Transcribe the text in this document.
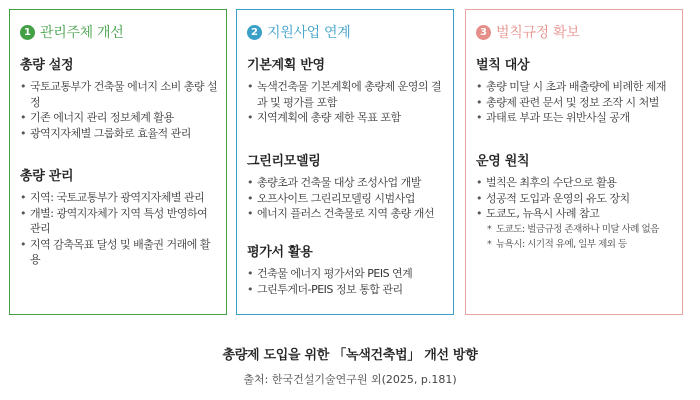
1 관리주체 개선
총량 설정
• 국토교통부가 건축물 에너지 소비 총량 설정
• 기존 에너지 관리 정보체계 활용
• 광역지자체별 그룹화로 효율적 관리
총량 관리
• 지역: 국토교통부가 광역지자체별 관리
• 개별: 광역지자체가 지역 특성 반영하여 관리
• 지역 감축목표 달성 및 배출권 거래에 활용
2 지원사업 연계
기본계획 반영
• 녹색건축물 기본계획에 총량제 운영의 결과 및 평가를 포함
• 지역계획에 총량 제한 목표 포함
그린리모델링
• 총량초과 건축물 대상 조성사업 개발
• 오프사이트 그린리모델링 시범사업
• 에너지 플러스 건축물로 지역 총량 개선
평가서 활용
• 건축물 에너지 평가서와 PEIS 연계
• 그린투게더-PEIS 정보 통합 관리
3 벌칙규정 확보
벌칙 대상
• 총량 미달 시 초과 배출량에 비례한 제재
• 총량제 관련 문서 및 정보 조작 시 처벌
• 과태료 부과 또는 위반사실 공개
운영 원칙
• 벌칙은 최후의 수단으로 활용
• 성공적 도입과 운영의 유도 장치
• 도쿄도, 뉴욕시 사례 참고
* 도쿄도: 벌금규정 존재하나 미달 사례 없음
* 뉴욕시: 시기적 유예, 일부 제외 등
총량제 도입을 위한 「녹색건축법」 개선 방향
출처: 한국건설기술연구원 외(2025, p.181)
